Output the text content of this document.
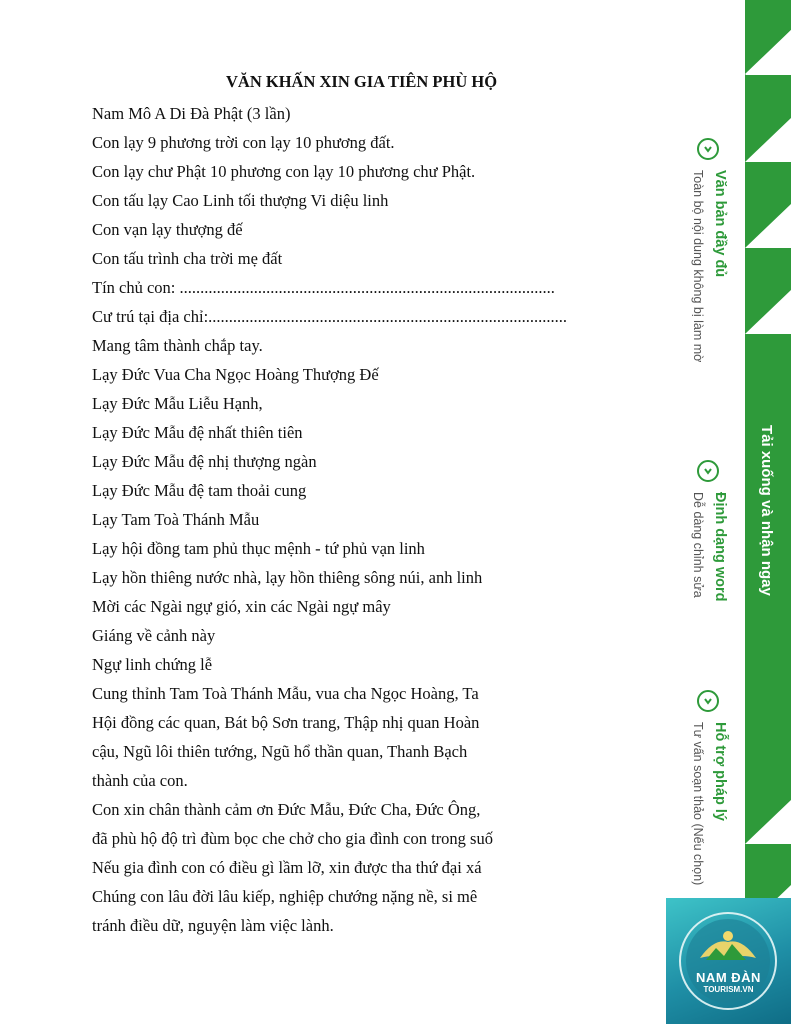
VĂN KHẤN XIN GIA TIÊN PHÙ HỘ
Nam Mô A Di Đà Phật (3 lần)
Con lạy 9 phương trời con lạy 10 phương đất.
Con lạy chư Phật 10 phương con lạy 10 phương chư Phật.
Con tấu lạy Cao Linh tối thượng Vi diệu linh
Con vạn lạy thượng đế
Con tấu trình cha trời mẹ đất
Tín chủ con: ...........................................................................................
Cư trú tại địa chỉ:.......................................................................................
Mang tâm thành chắp tay.
Lạy Đức Vua Cha Ngọc Hoàng Thượng Đế
Lạy Đức Mẫu Liễu Hạnh,
Lạy Đức Mẫu đệ nhất thiên tiên
Lạy Đức Mẫu đệ nhị thượng ngàn
Lạy Đức Mẫu đệ tam thoải cung
Lạy Tam Toà Thánh Mẫu
Lạy hội đồng tam phủ thục mệnh - tứ phủ vạn linh
Lạy hồn thiêng nước nhà, lạy hồn thiêng sông núi, anh linh
Mời các Ngài ngự gió, xin các Ngài ngự mây
Giáng về cảnh này
Ngự linh chứng lễ
Cung thỉnh Tam Toà Thánh Mẫu, vua cha Ngọc Hoàng, Ta
Hội đồng các quan, Bát bộ Sơn trang, Thập nhị quan Hoàn
cậu, Ngũ lôi thiên tướng, Ngũ hổ thần quan, Thanh Bạch
thành của con.
Con xin chân thành cảm ơn Đức Mẫu, Đức Cha, Đức Ông,
đã phù hộ độ trì đùm bọc che chở cho gia đình con trong suố
Nếu gia đình con có điều gì lầm lỡ, xin được tha thứ đại xá
Chúng con lâu đời lâu kiếp, nghiệp chướng nặng nề, si mê
tránh điều dữ, nguyện làm việc lành.
Văn bản đầy đủ
Toàn bộ nội dung không bị làm mờ
Định dạng word
Dễ dàng chỉnh sửa
Hỗ trợ pháp lý
Tư vấn soạn thảo (Nếu chọn)
Tải xuống và nhận ngay
NAM ĐÀN
TOURISM.VN
